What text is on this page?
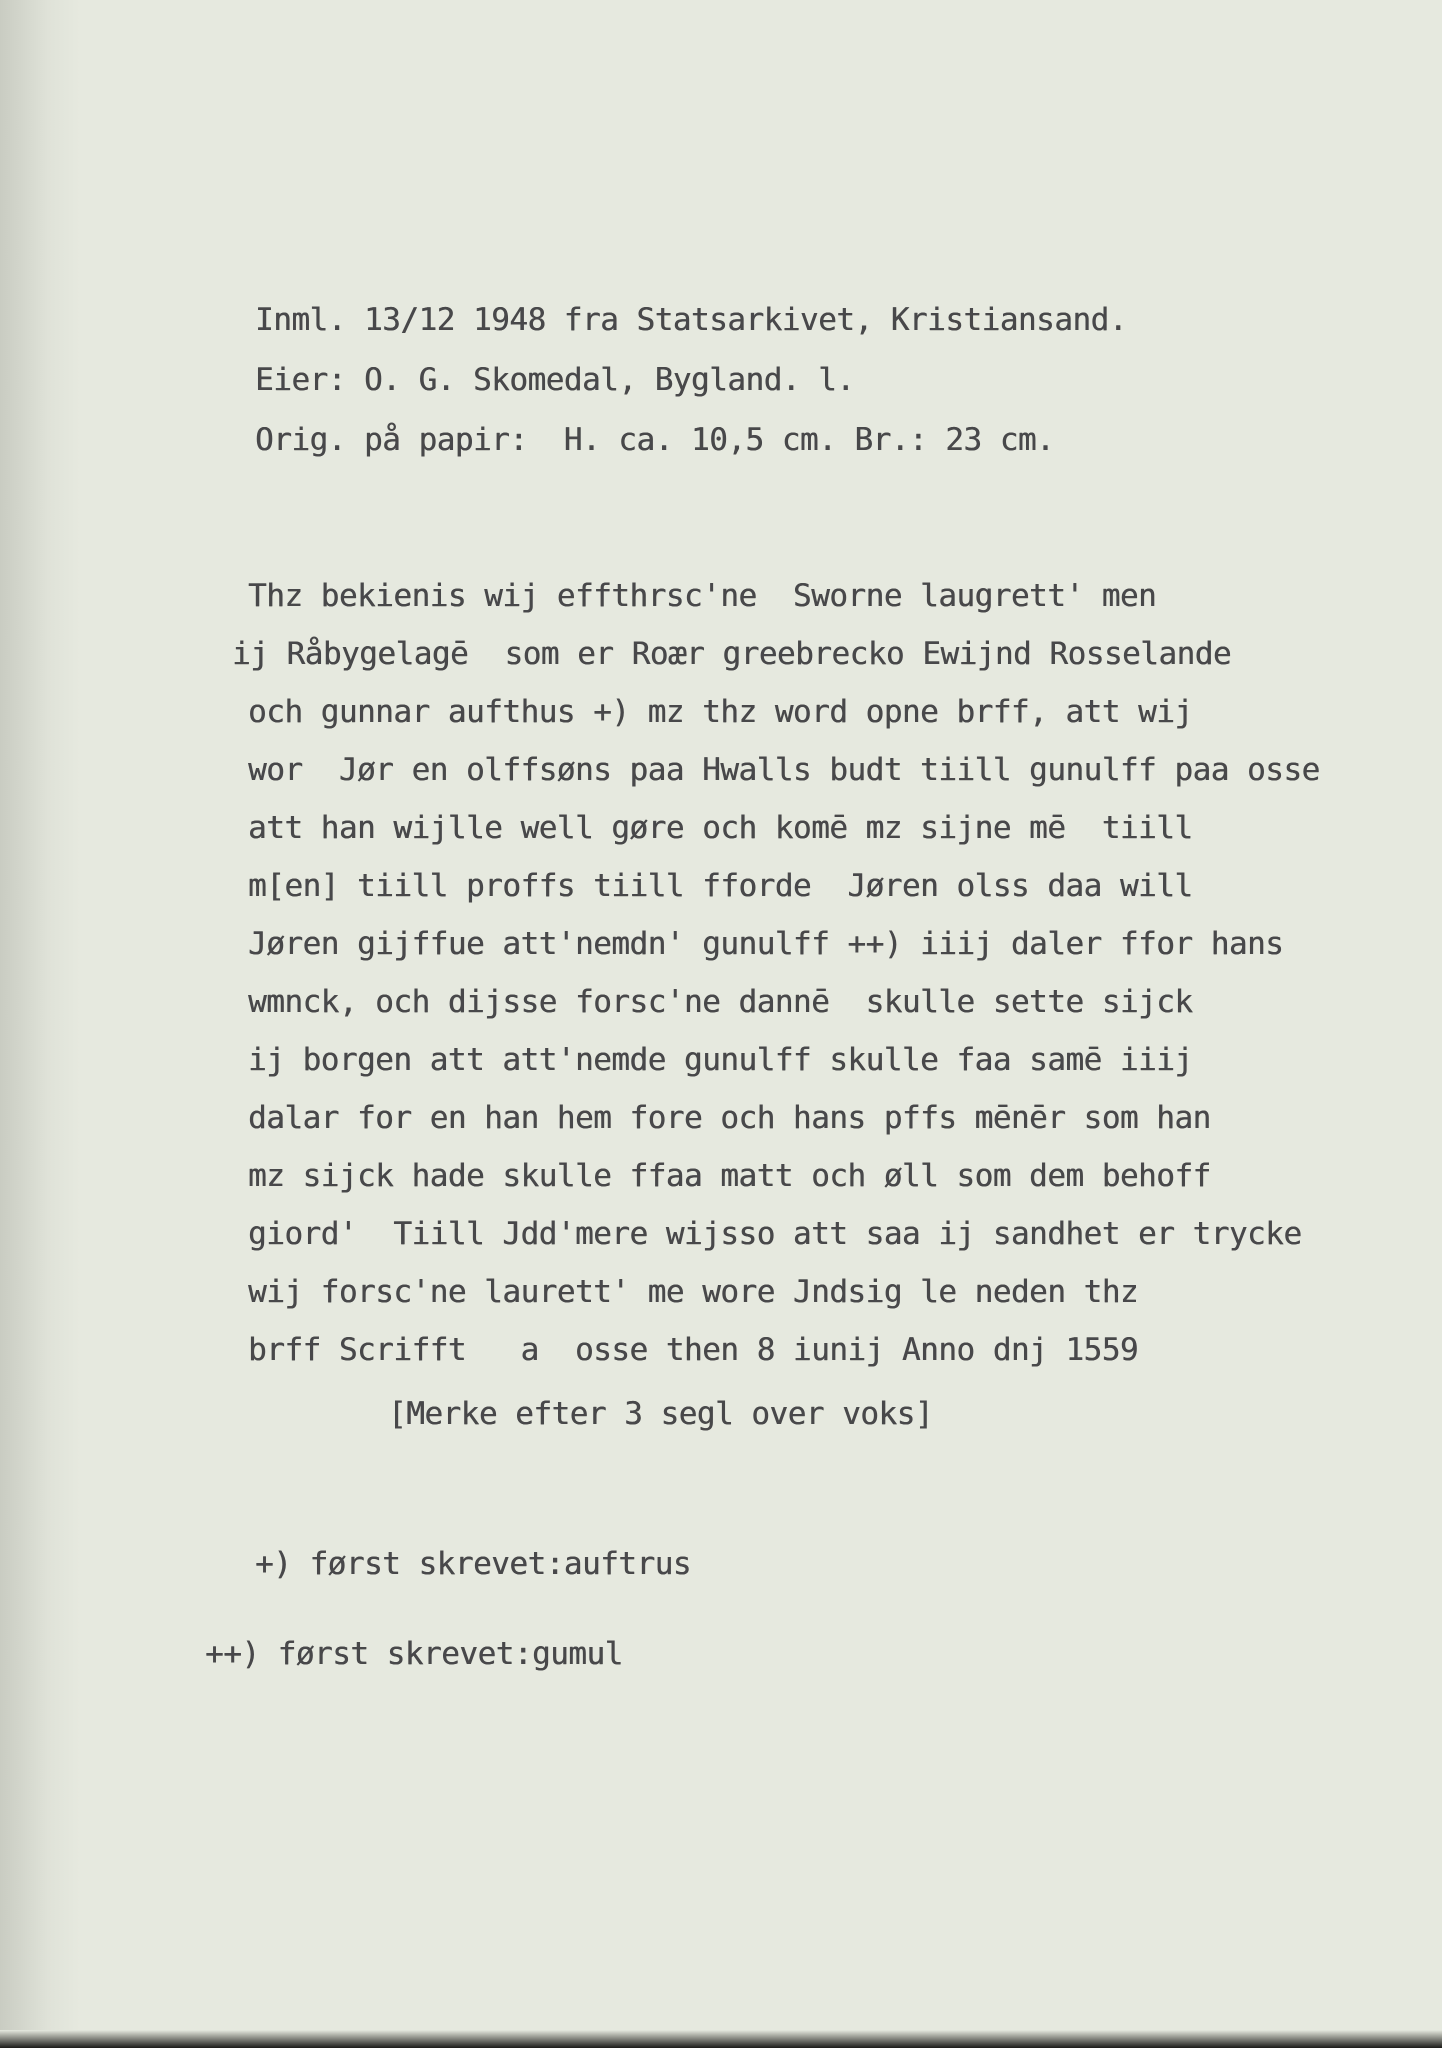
Inml. 13/12 1948 fra Statsarkivet, Kristiansand.
Eier: O. G. Skomedal, Bygland. l.
Orig. på papir:  H. ca. 10,5 cm. Br.: 23 cm.
Thz bekienis wij effthrsc'ne  Sworne laugrett' men
ij Råbygelagē  som er Roær greebrecko Ewijnd Rosselande
och gunnar aufthus +) mz thz word opne brff, att wij
wor  Jør en olffsøns paa Hwalls budt tiill gunulff paa osse
att han wijlle well gøre och komē mz sijne mē  tiill
m[en] tiill proffs tiill fforde  Jøren olss daa will
Jøren gijffue att'nemdn' gunulff ++) iiij daler ffor hans
wmnck, och dijsse forsc'ne dannē  skulle sette sijck
ij borgen att att'nemde gunulff skulle faa samē iiij
dalar for en han hem fore och hans pffs mēnēr som han
mz sijck hade skulle ffaa matt och øll som dem behoff
giord'  Tiill Jdd'mere wijsso att saa ij sandhet er trycke
wij forsc'ne laurett' me wore Jndsig le neden thz
brff Scrifft   a  osse then 8 iunij Anno dnj 1559
[Merke efter 3 segl over voks]
+) først skrevet:auftrus
++) først skrevet:gumul
